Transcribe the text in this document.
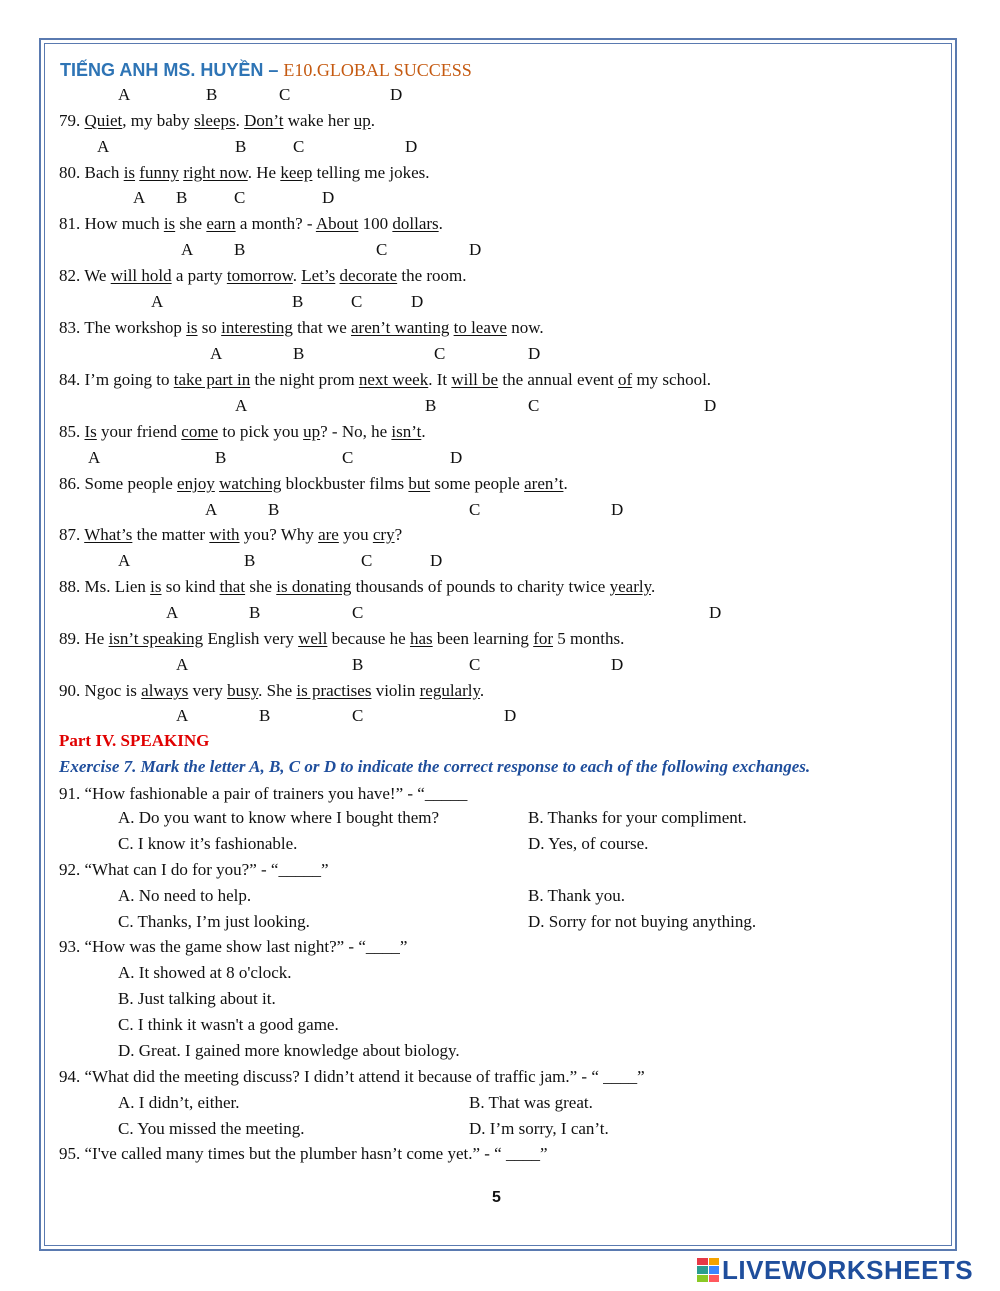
TIẾNG ANH MS. HUYỀN – E10.GLOBAL SUCCESS
A	B	C	D
A	B	C	D
A B	C	D
A B	C	D
A	B	C	D
A	B	C	D
A	B	C	D
A	B	C	D
A	B	C	D
A	B	C	D
A	B	C	D
A	B	C	D
A	B	C	D
79. Quiet, my baby sleeps. Don’t wake her up.
80. Bach is funny right now. He keep telling me jokes.
81. How much is she earn a month? - About 100 dollars.
82. We will hold a party tomorrow. Let’s decorate the room.
83. The workshop is so interesting that we aren’t wanting to leave now.
84. I’m going to take part in the night prom next week. It will be the annual event of my school.
85. Is your friend come to pick you up? - No, he isn’t.
86. Some people enjoy watching blockbuster films but some people aren’t.
87. What’s the matter with you? Why are you cry?
88. Ms. Lien is so kind that she is donating thousands of pounds to charity twice yearly.
89. He isn’t speaking English very well because he has been learning for 5 months.
90. Ngoc is always very busy. She is practises violin regularly.
Part IV. SPEAKING
Exercise 7. Mark the letter A, B, C or D to indicate the correct response to each of the following exchanges.
91. “How fashionable a pair of trainers you have!” - “_____
A. Do you want to know where I bought them?	B. Thanks for your compliment.
C. I know it’s fashionable.	D. Yes, of course.
92. “What can I do for you?” - “_____”
A. No need to help.	B. Thank you.
C. Thanks, I’m just looking.	D. Sorry for not buying anything.
93. “How was the game show last night?” - “____”
A. It showed at 8 o'clock.
B. Just talking about it.
C. I think it wasn't a good game.
D. Great. I gained more knowledge about biology.
94. “What did the meeting discuss? I didn’t attend it because of traffic jam.” - “ ____”
A. I didn’t, either.	B. That was great.
C. You missed the meeting.	D. I’m sorry, I can’t.
95. “I've called many times but the plumber hasn’t come yet.” - “ ____”
5
LIVEWORKSHEETS
